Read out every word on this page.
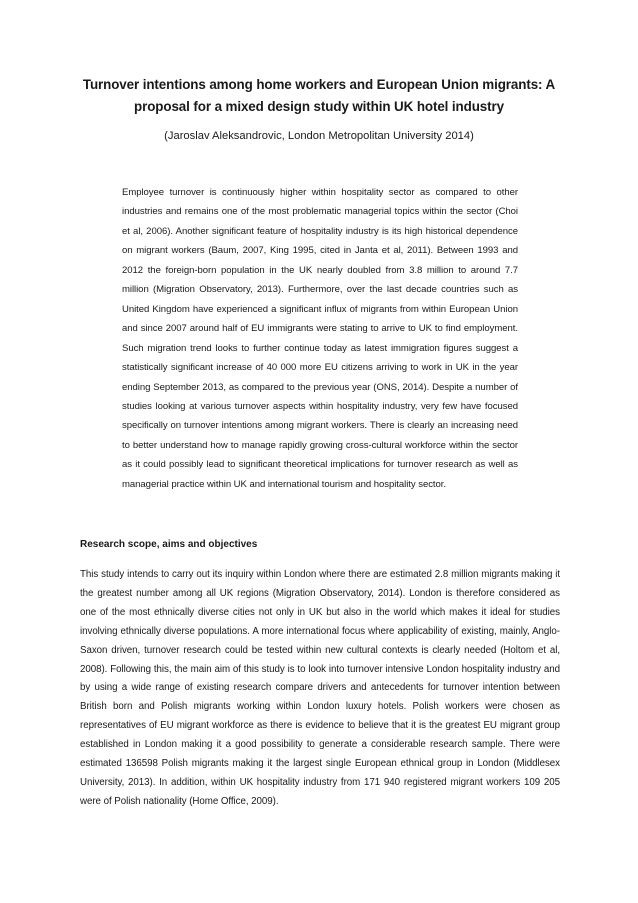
Turnover intentions among home workers and European Union migrants: A proposal for a mixed design study within UK hotel industry

(Jaroslav Aleksandrovic, London Metropolitan University 2014)

Employee turnover is continuously higher within hospitality sector as compared to other industries and remains one of the most problematic managerial topics within the sector (Choi et al, 2006). Another significant feature of hospitality industry is its high historical dependence on migrant workers (Baum, 2007, King 1995, cited in Janta et al, 2011). Between 1993 and 2012 the foreign-born population in the UK nearly doubled from 3.8 million to around 7.7 million (Migration Observatory, 2013). Furthermore, over the last decade countries such as United Kingdom have experienced a significant influx of migrants from within European Union and since 2007 around half of EU immigrants were stating to arrive to UK to find employment. Such migration trend looks to further continue today as latest immigration figures suggest a statistically significant increase of 40 000 more EU citizens arriving to work in UK in the year ending September 2013, as compared to the previous year (ONS, 2014). Despite a number of studies looking at various turnover aspects within hospitality industry, very few have focused specifically on turnover intentions among migrant workers. There is clearly an increasing need to better understand how to manage rapidly growing cross-cultural workforce within the sector as it could possibly lead to significant theoretical implications for turnover research as well as managerial practice within UK and international tourism and hospitality sector.

Research scope, aims and objectives

This study intends to carry out its inquiry within London where there are estimated 2.8 million migrants making it the greatest number among all UK regions (Migration Observatory, 2014). London is therefore considered as one of the most ethnically diverse cities not only in UK but also in the world which makes it ideal for studies involving ethnically diverse populations. A more international focus where applicability of existing, mainly, Anglo-Saxon driven, turnover research could be tested within new cultural contexts is clearly needed (Holtom et al, 2008). Following this, the main aim of this study is to look into turnover intensive London hospitality industry and by using a wide range of existing research compare drivers and antecedents for turnover intention between British born and Polish migrants working within London luxury hotels. Polish workers were chosen as representatives of EU migrant workforce as there is evidence to believe that it is the greatest EU migrant group established in London making it a good possibility to generate a considerable research sample. There were estimated 136598 Polish migrants making it the largest single European ethnical group in London (Middlesex University, 2013). In addition, within UK hospitality industry from 171 940 registered migrant workers 109 205 were of Polish nationality (Home Office, 2009).
